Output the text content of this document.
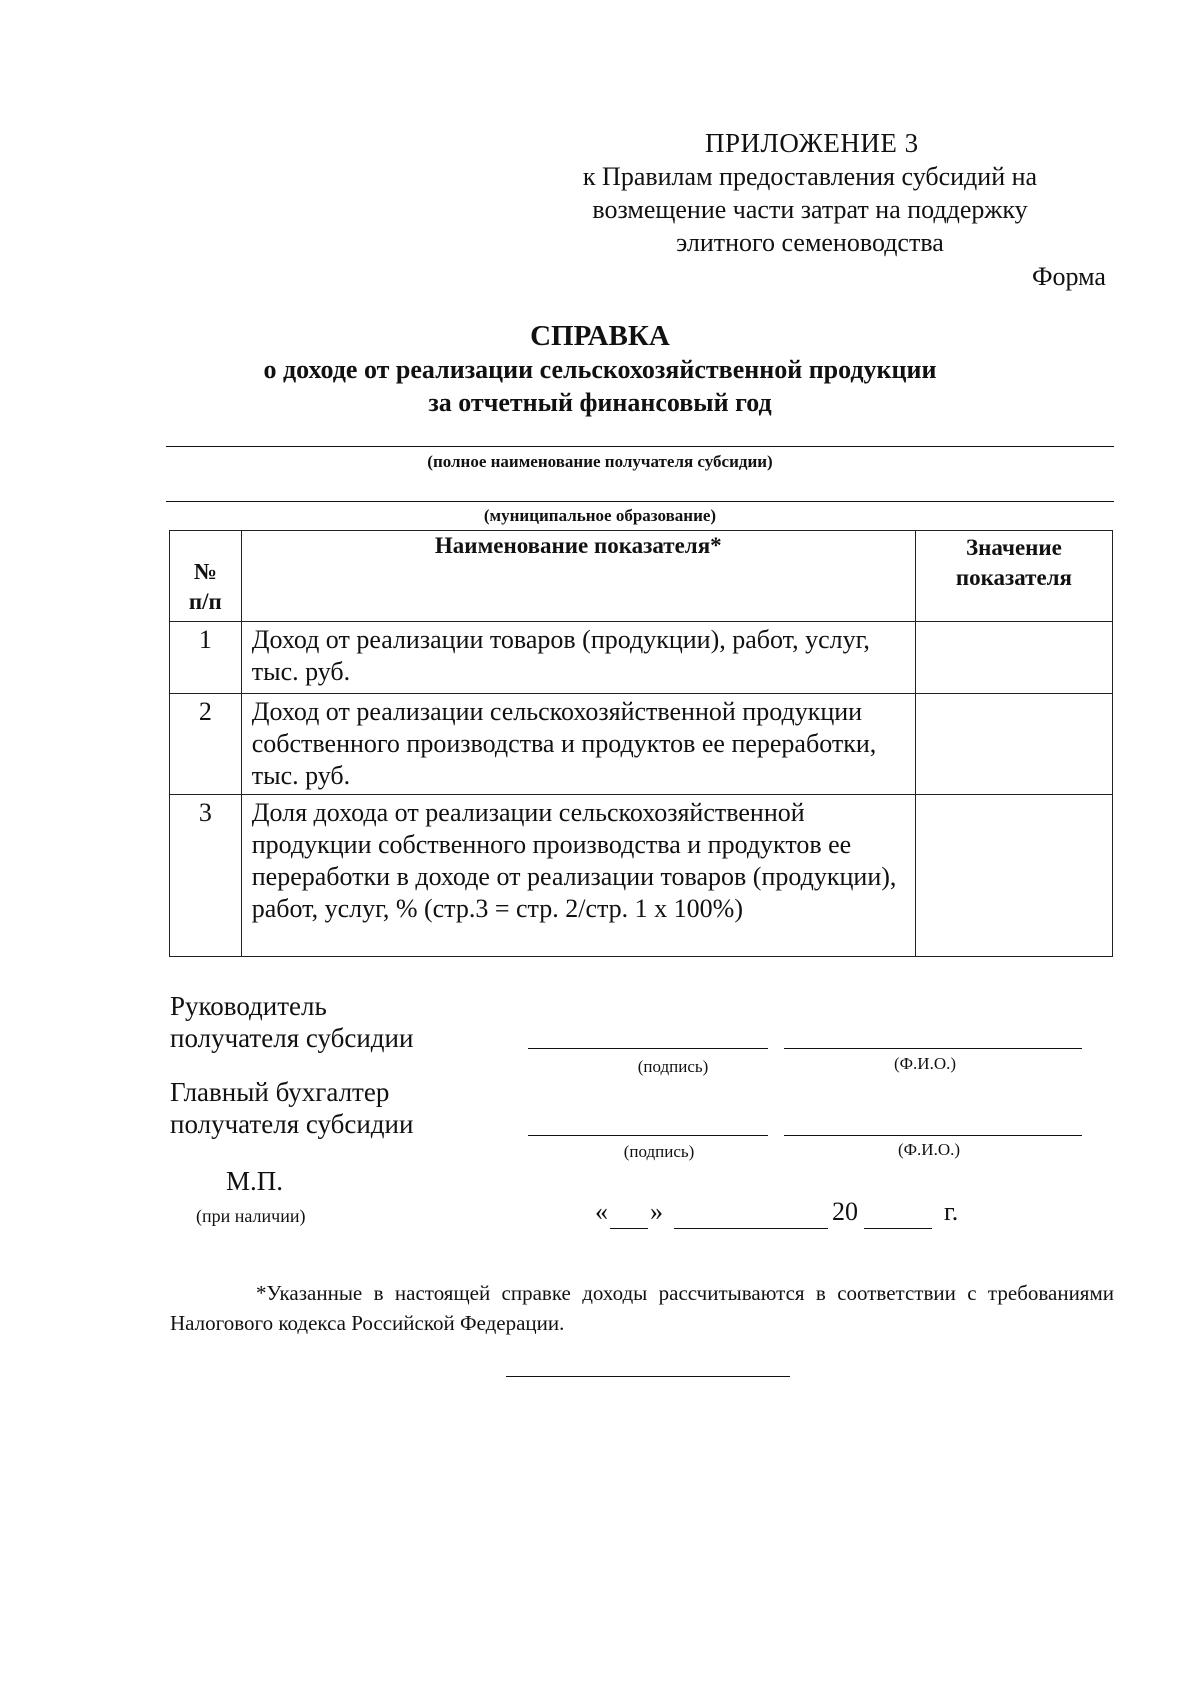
ПРИЛОЖЕНИЕ 3
к Правилам предоставления субсидий на
возмещение части затрат на поддержку
элитного семеноводства
Форма
СПРАВКА
о доходе от реализации сельскохозяйственной продукции
за отчетный финансовый год
(полное наименование получателя субсидии)
(муниципальное образование)
№ п/п	Наименование показателя*	Значение показателя

1	Доход от реализации товаров (продукции), работ, услуг, тыс. руб.	
2	Доход от реализации сельскохозяйственной продукции собственного производства и продуктов ее переработки, тыс. руб.	
3	Доля дохода от реализации сельскохозяйственной продукции собственного производства и продуктов ее переработки в доходе от реализации товаров (продукции), работ, услуг, % (стр.3 = стр. 2/стр. 1 х 100%)	
Руководитель
получателя субсидии
(подпись)	(Ф.И.О.)
Главный бухгалтер
получателя субсидии
(подпись)	(Ф.И.О.)
М.П.
(при наличии)	« »	20	г.
*Указанные в настоящей справке доходы рассчитываются в соответствии с требованиями Налогового кодекса Российской Федерации.
